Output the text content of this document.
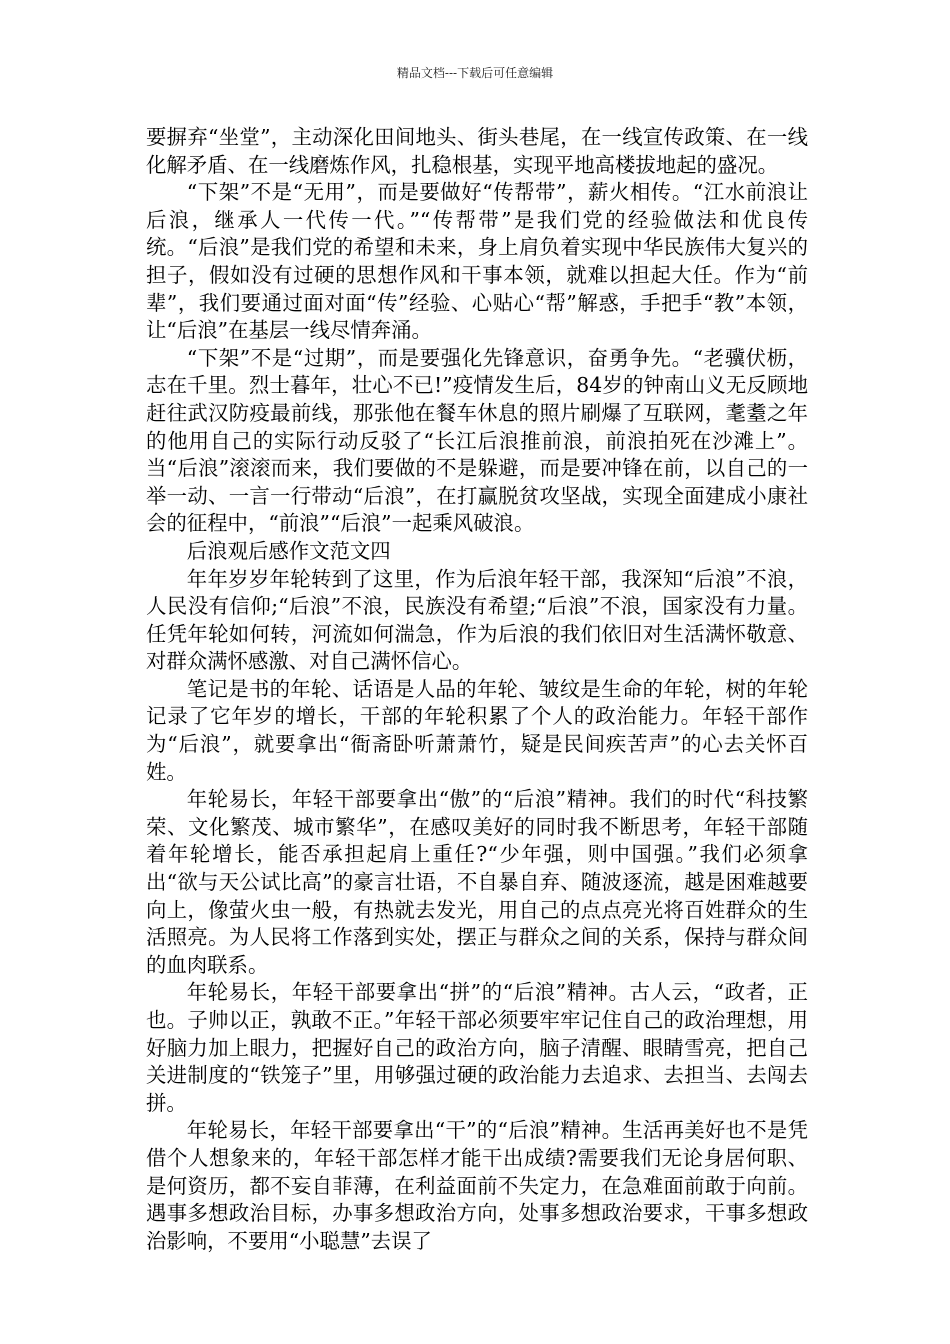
精品文档---下载后可任意编辑

要摒弃“坐堂”，主动深化田间地头、街头巷尾，在一线宣传政策、在一线化解矛盾、在一线磨炼作风，扎稳根基，实现平地高楼拔地起的盛况。

“下架”不是“无用”，而是要做好“传帮带”，薪火相传。“江水前浪让后浪，继承人一代传一代。”“传帮带”是我们党的经验做法和优良传统。“后浪”是我们党的希望和未来，身上肩负着实现中华民族伟大复兴的担子，假如没有过硬的思想作风和干事本领，就难以担起大任。作为“前辈”，我们要通过面对面“传”经验、心贴心“帮”解惑，手把手“教”本领，让“后浪”在基层一线尽情奔涌。

“下架”不是“过期”，而是要强化先锋意识，奋勇争先。“老骥伏枥，志在千里。烈士暮年，壮心不已!”疫情发生后，84岁的钟南山义无反顾地赶往武汉防疫最前线，那张他在餐车休息的照片刷爆了互联网，耄耋之年的他用自己的实际行动反驳了“长江后浪推前浪，前浪拍死在沙滩上”。当“后浪”滚滚而来，我们要做的不是躲避，而是要冲锋在前，以自己的一举一动、一言一行带动“后浪”，在打赢脱贫攻坚战，实现全面建成小康社会的征程中，“前浪”“后浪”一起乘风破浪。

后浪观后感作文范文四

年年岁岁年轮转到了这里，作为后浪年轻干部，我深知“后浪”不浪，人民没有信仰;“后浪”不浪，民族没有希望;“后浪”不浪，国家没有力量。任凭年轮如何转，河流如何湍急，作为后浪的我们依旧对生活满怀敬意、对群众满怀感激、对自己满怀信心。

笔记是书的年轮、话语是人品的年轮、皱纹是生命的年轮，树的年轮记录了它年岁的增长，干部的年轮积累了个人的政治能力。年轻干部作为“后浪”，就要拿出“衙斋卧听萧萧竹，疑是民间疾苦声”的心去关怀百姓。

年轮易长，年轻干部要拿出“傲”的“后浪”精神。我们的时代“科技繁荣、文化繁茂、城市繁华”，在感叹美好的同时我不断思考，年轻干部随着年轮增长，能否承担起肩上重任?“少年强，则中国强。”我们必须拿出“欲与天公试比高”的豪言壮语，不自暴自弃、随波逐流，越是困难越要向上，像萤火虫一般，有热就去发光，用自己的点点亮光将百姓群众的生活照亮。为人民将工作落到实处，摆正与群众之间的关系，保持与群众间的血肉联系。

年轮易长，年轻干部要拿出“拼”的“后浪”精神。古人云，“政者，正也。子帅以正，孰敢不正。”年轻干部必须要牢牢记住自己的政治理想，用好脑力加上眼力，把握好自己的政治方向，脑子清醒、眼睛雪亮，把自己关进制度的“铁笼子”里，用够强过硬的政治能力去追求、去担当、去闯去拼。

年轮易长，年轻干部要拿出“干”的“后浪”精神。生活再美好也不是凭借个人想象来的，年轻干部怎样才能干出成绩?需要我们无论身居何职、是何资历，都不妄自菲薄，在利益面前不失定力，在急难面前敢于向前。遇事多想政治目标，办事多想政治方向，处事多想政治要求，干事多想政治影响，不要用“小聪慧”去误了
